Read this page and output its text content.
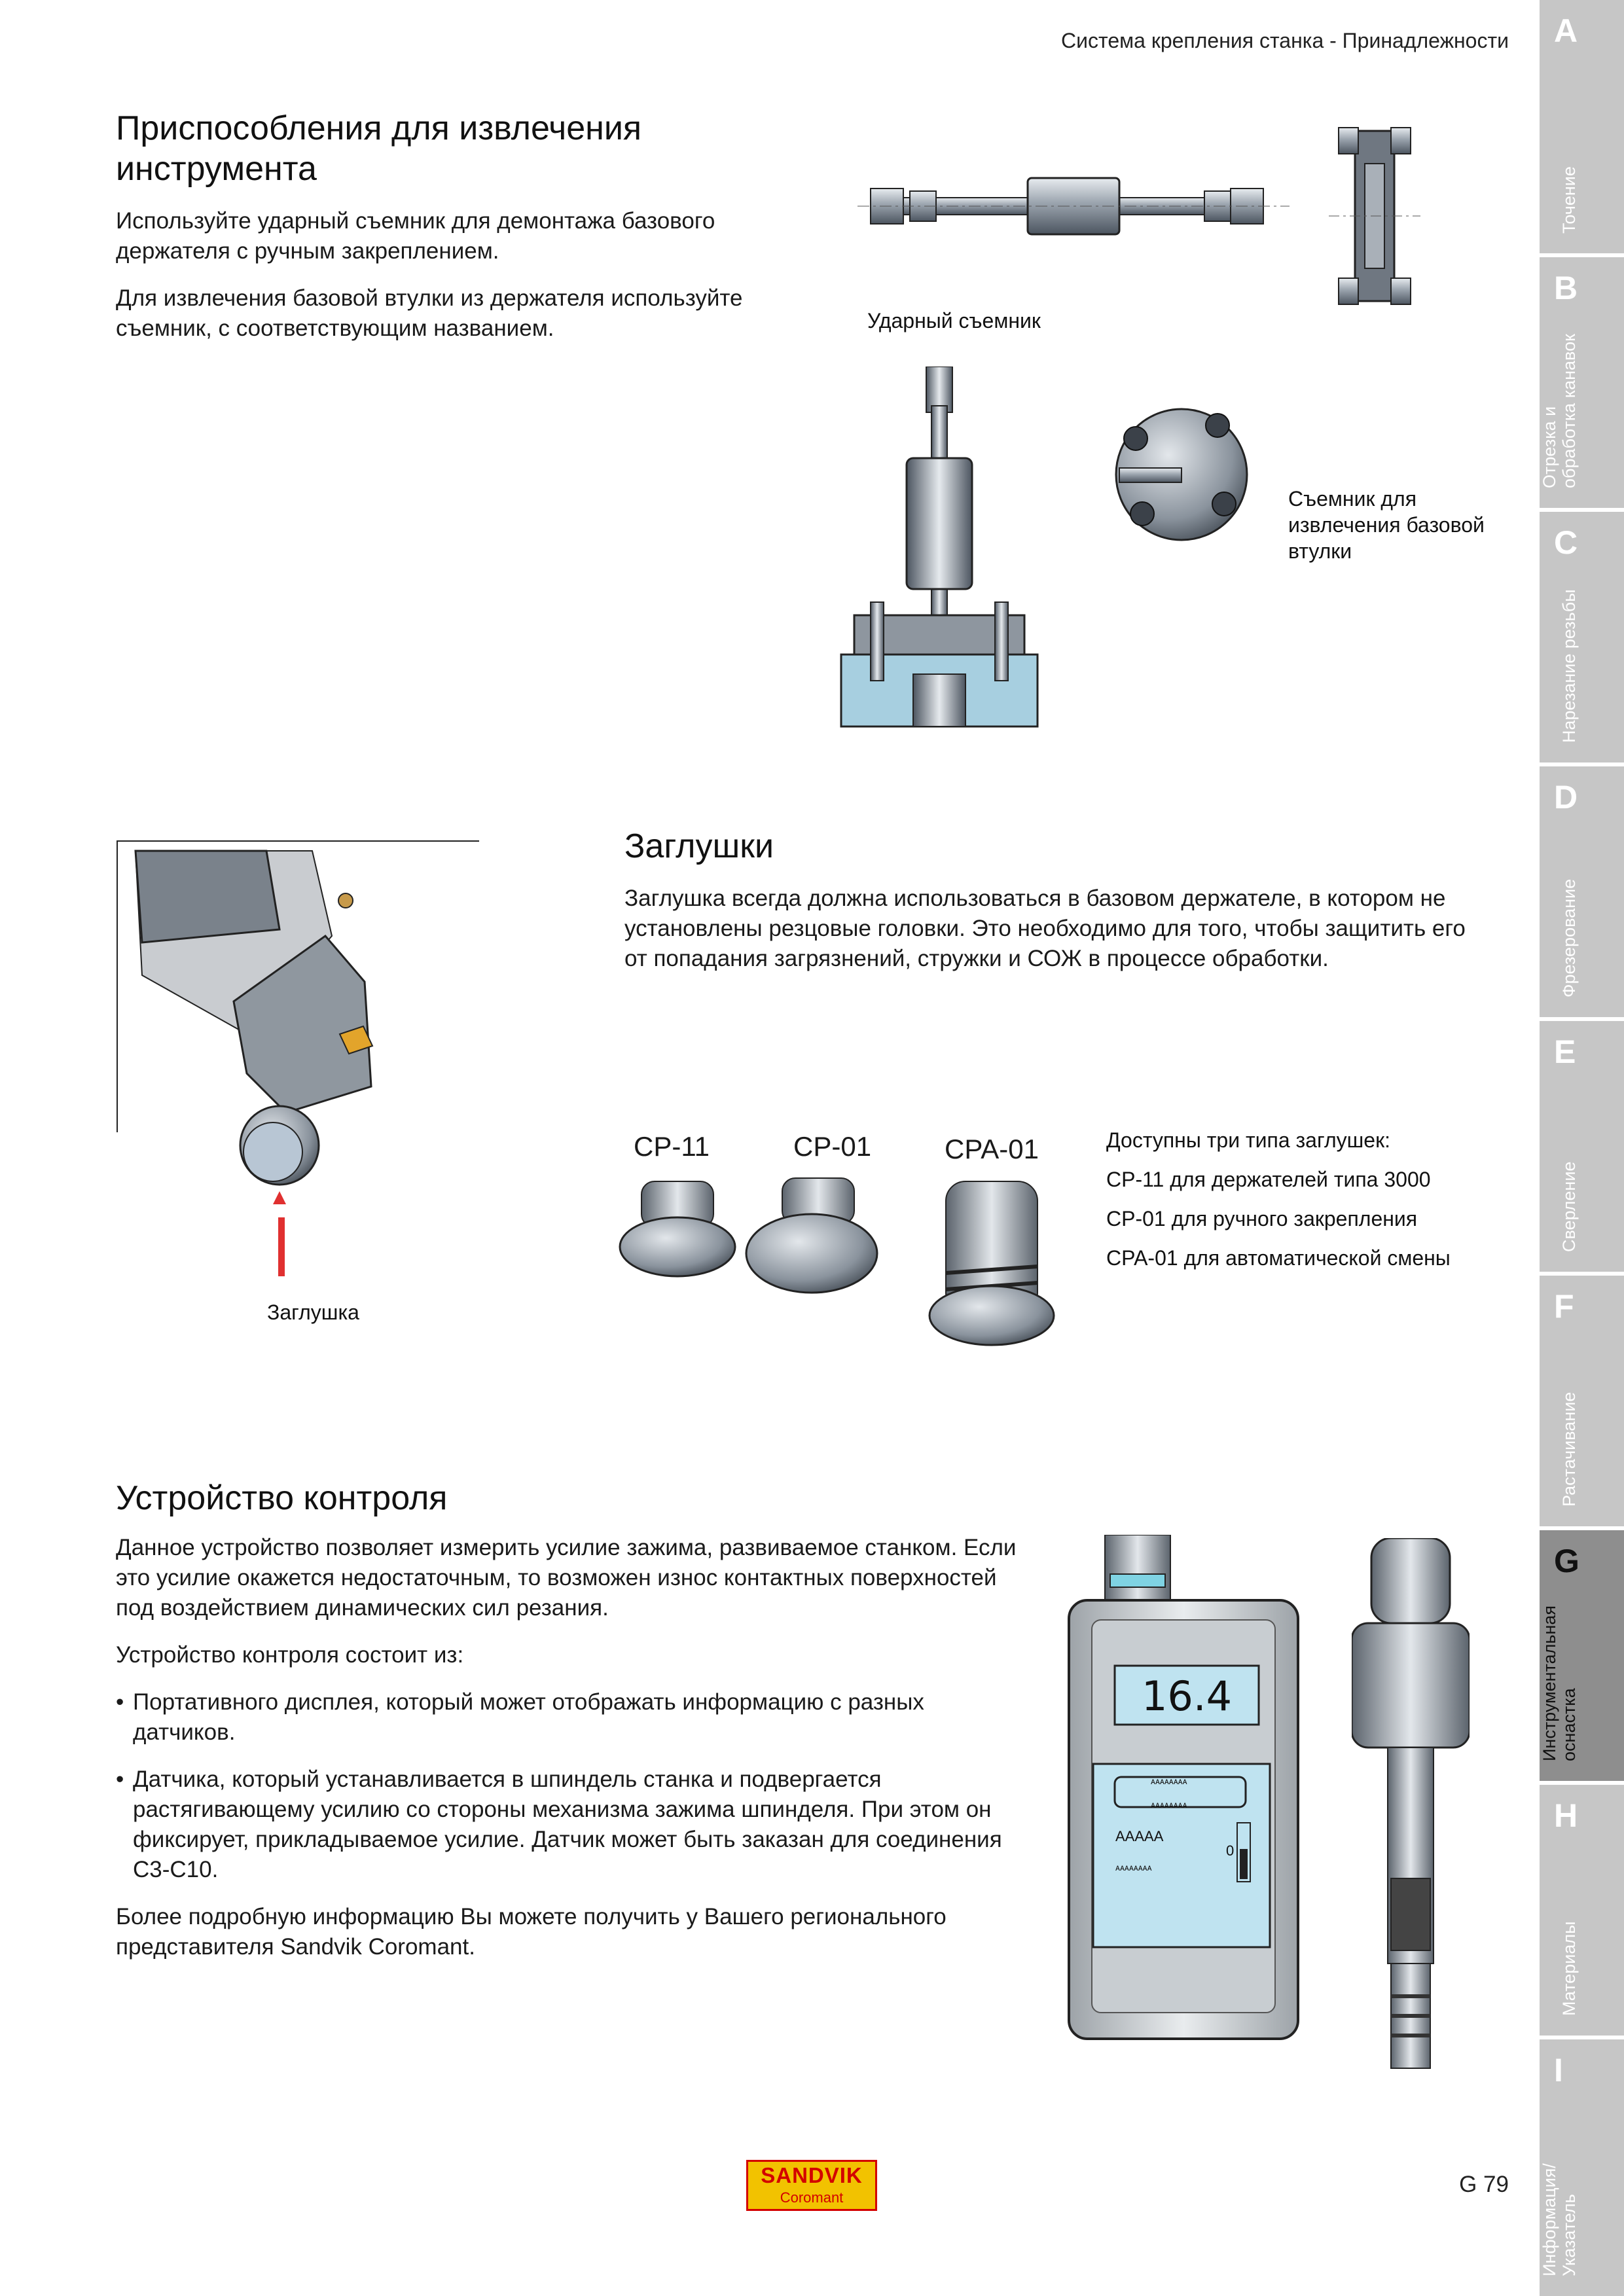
Система крепления станка - Принадлежности
Приспособления для извлечения инструмента

Используйте ударный съемник для демонтажа базового держателя с ручным закреплением.

Для извлечения базовой втулки из держателя используйте съемник, с соответствующим названием.	Ударный съемник
Съемник для извлечения базовой втулки
Заглушка
Заглушки

Заглушка всегда должна использоваться в базовом держателе, в котором не установлены резцовые головки. Это необходимо для того, чтобы защитить его от попадания загрязнений, стружки и СОЖ в процессе обработки.

CP-11	CP-01	CPA-01	Доступны три типа заглушек:
CP-11 для держателей типа 3000
CP-01 для ручного закрепления
CPA-01 для автоматической смены
Устройство контроля

Данное устройство позволяет измерить усилие зажима, развиваемое станком. Если это усилие окажется недостаточным, то возможен износ контактных поверхностей под воздействием динамических сил резания.

Устройство контроля состоит из:

• Портативного дисплея, который может отображать информацию с разных датчиков.

• Датчика, который устанавливается в шпиндель станка и подвергается растягивающему усилию со стороны механизма зажима шпинделя. При этом он фиксирует, прикладываемое усилие. Датчик может быть заказан для соединения C3-C10.

Более подробную информацию Вы можете получить у Вашего регионального представителя Sandvik Coromant.

16.4
ᴀᴀᴀᴀᴀᴀᴀᴀ
ᴀᴀᴀᴀᴀᴀᴀᴀ
AAAAA
ᴀᴀᴀᴀᴀᴀᴀᴀ
0
A
Точение
B
Отрезка и
обработка канавок
C
Нарезание резьбы
D
Фрезерование
E
Сверление
F
Растачивание
G
Инструментальная
оснастка
H
Материалы
I
Информация/
Указатель
SANDVIK
Coromant
G 79
